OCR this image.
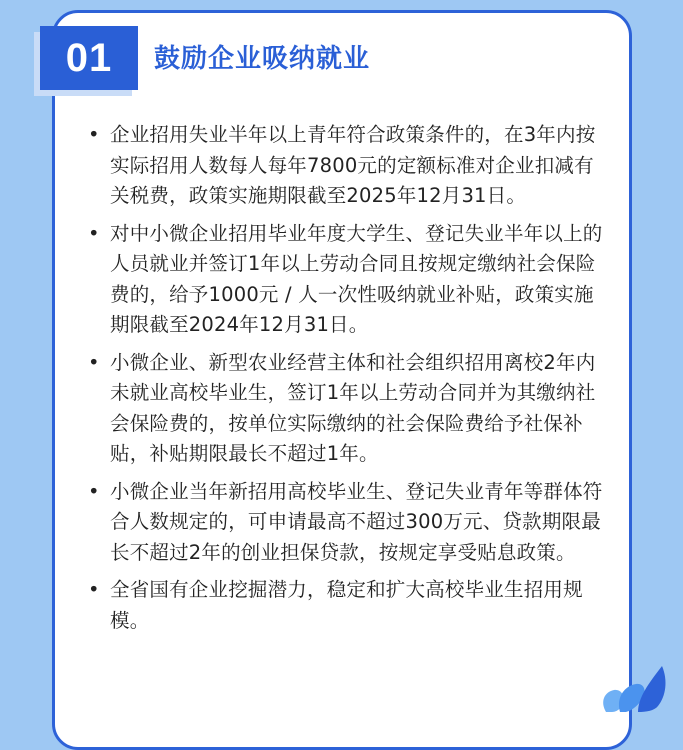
01	鼓励企业吸纳就业
• 企业招用失业半年以上青年符合政策条件的，在3年内按实际招用人数每人每年7800元的定额标准对企业扣减有关税费，政策实施期限截至2025年12月31日。
• 对中小微企业招用毕业年度大学生、登记失业半年以上的人员就业并签订1年以上劳动合同且按规定缴纳社会保险费的，给予1000元 / 人一次性吸纳就业补贴，政策实施期限截至2024年12月31日。
• 小微企业、新型农业经营主体和社会组织招用离校2年内未就业高校毕业生，签订1年以上劳动合同并为其缴纳社会保险费的，按单位实际缴纳的社会保险费给予社保补贴，补贴期限最长不超过1年。
• 小微企业当年新招用高校毕业生、登记失业青年等群体符合人数规定的，可申请最高不超过300万元、贷款期限最长不超过2年的创业担保贷款，按规定享受贴息政策。
• 全省国有企业挖掘潜力，稳定和扩大高校毕业生招用规模。
